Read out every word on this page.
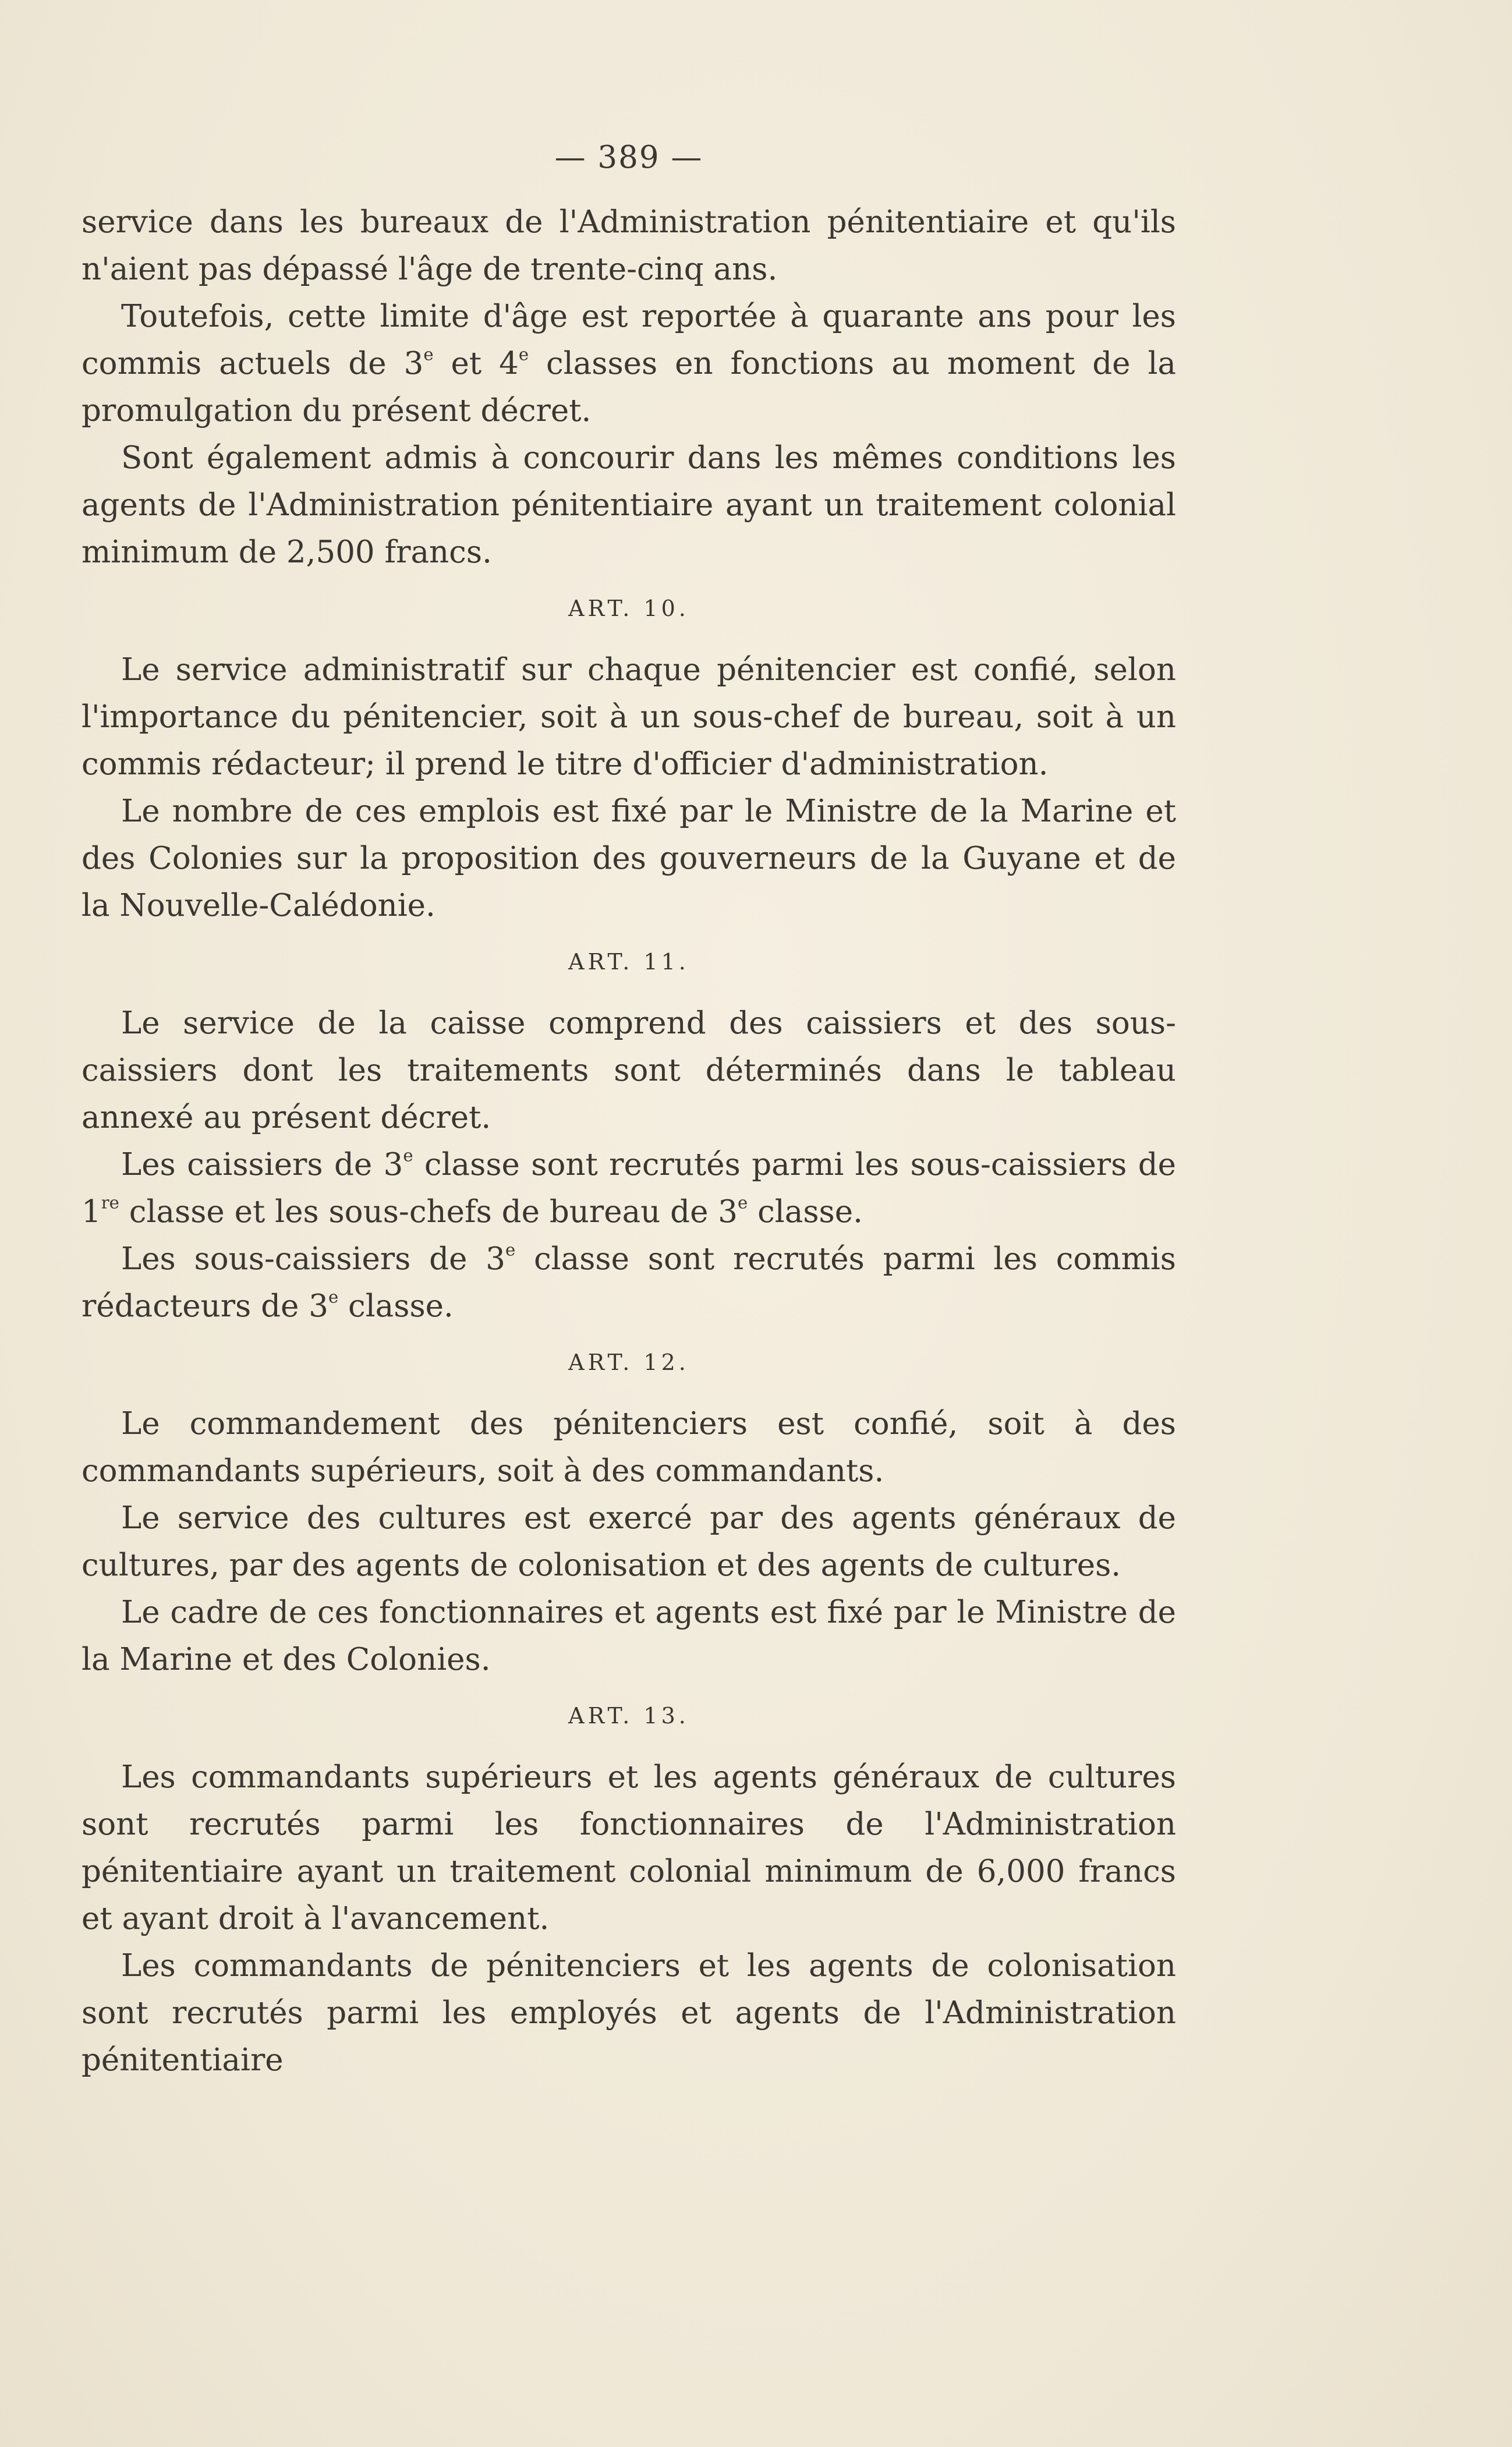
— 389 —

service dans les bureaux de l'Administration pénitentiaire et qu'ils n'aient pas dépassé l'âge de trente-cinq ans.

Toutefois, cette limite d'âge est reportée à quarante ans pour les commis actuels de 3e et 4e classes en fonctions au moment de la promulgation du présent décret.

Sont également admis à concourir dans les mêmes conditions les agents de l'Administration pénitentiaire ayant un traitement colonial minimum de 2,500 francs.

ART. 10.

Le service administratif sur chaque pénitencier est confié, selon l'importance du pénitencier, soit à un sous-chef de bureau, soit à un commis rédacteur; il prend le titre d'officier d'administration.

Le nombre de ces emplois est fixé par le Ministre de la Marine et des Colonies sur la proposition des gouverneurs de la Guyane et de la Nouvelle-Calédonie.

ART. 11.

Le service de la caisse comprend des caissiers et des sous-caissiers dont les traitements sont déterminés dans le tableau annexé au présent décret.

Les caissiers de 3e classe sont recrutés parmi les sous-caissiers de 1re classe et les sous-chefs de bureau de 3e classe.

Les sous-caissiers de 3e classe sont recrutés parmi les commis rédacteurs de 3e classe.

ART. 12.

Le commandement des pénitenciers est confié, soit à des commandants supérieurs, soit à des commandants.

Le service des cultures est exercé par des agents généraux de cultures, par des agents de colonisation et des agents de cultures.

Le cadre de ces fonctionnaires et agents est fixé par le Ministre de la Marine et des Colonies.

ART. 13.

Les commandants supérieurs et les agents généraux de cultures sont recrutés parmi les fonctionnaires de l'Administration pénitentiaire ayant un traitement colonial minimum de 6,000 francs et ayant droit à l'avancement.

Les commandants de pénitenciers et les agents de colonisation sont recrutés parmi les employés et agents de l'Administration pénitentiaire
